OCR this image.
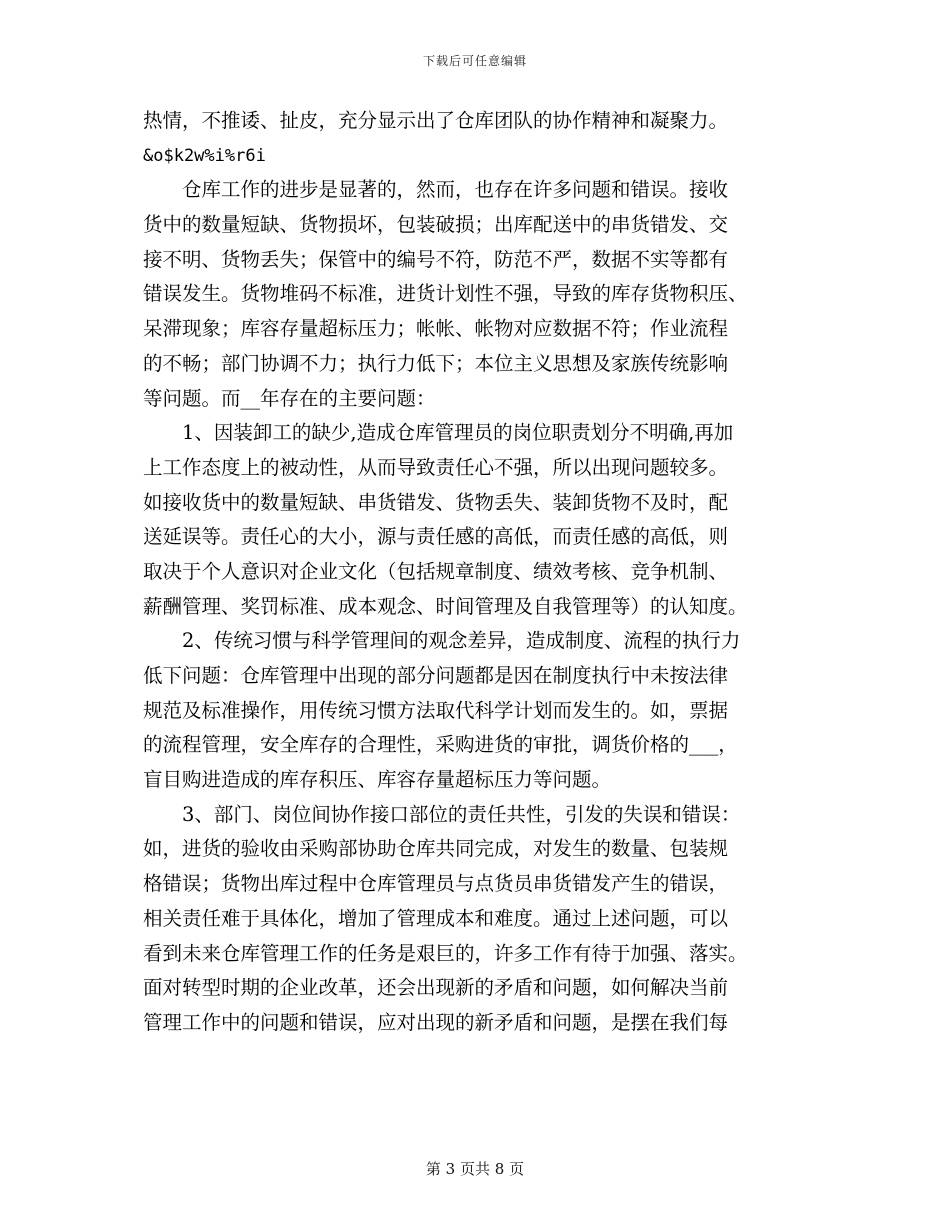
下载后可任意编辑
热情，不推诿、扯皮，充分显示出了仓库团队的协作精神和凝聚力。
&o$k2w%i%r6i
　　仓库工作的进步是显著的，然而，也存在许多问题和错误。接收
货中的数量短缺、货物损坏，包装破损；出库配送中的串货错发、交
接不明、货物丢失；保管中的编号不符，防范不严，数据不实等都有
错误发生。货物堆码不标准，进货计划性不强，导致的库存货物积压、
呆滞现象；库容存量超标压力；帐帐、帐物对应数据不符；作业流程
的不畅；部门协调不力；执行力低下；本位主义思想及家族传统影响
等问题。而__年存在的主要问题：
　　1、因装卸工的缺少,造成仓库管理员的岗位职责划分不明确,再加
上工作态度上的被动性，从而导致责任心不强，所以出现问题较多。
如接收货中的数量短缺、串货错发、货物丢失、装卸货物不及时，配
送延误等。责任心的大小，源与责任感的高低，而责任感的高低，则
取决于个人意识对企业文化（包括规章制度、绩效考核、竞争机制、
薪酬管理、奖罚标准、成本观念、时间管理及自我管理等）的认知度。
　　2、传统习惯与科学管理间的观念差异，造成制度、流程的执行力
低下问题：仓库管理中出现的部分问题都是因在制度执行中未按法律
规范及标准操作，用传统习惯方法取代科学计划而发生的。如，票据
的流程管理，安全库存的合理性，采购进货的审批，调货价格的___，
盲目购进造成的库存积压、库容存量超标压力等问题。
　　3、部门、岗位间协作接口部位的责任共性，引发的失误和错误：
如，进货的验收由采购部协助仓库共同完成，对发生的数量、包装规
格错误；货物出库过程中仓库管理员与点货员串货错发产生的错误，
相关责任难于具体化，增加了管理成本和难度。通过上述问题，可以
看到未来仓库管理工作的任务是艰巨的，许多工作有待于加强、落实。
面对转型时期的企业改革，还会出现新的矛盾和问题，如何解决当前
管理工作中的问题和错误，应对出现的新矛盾和问题，是摆在我们每
第 3 页共 8 页
